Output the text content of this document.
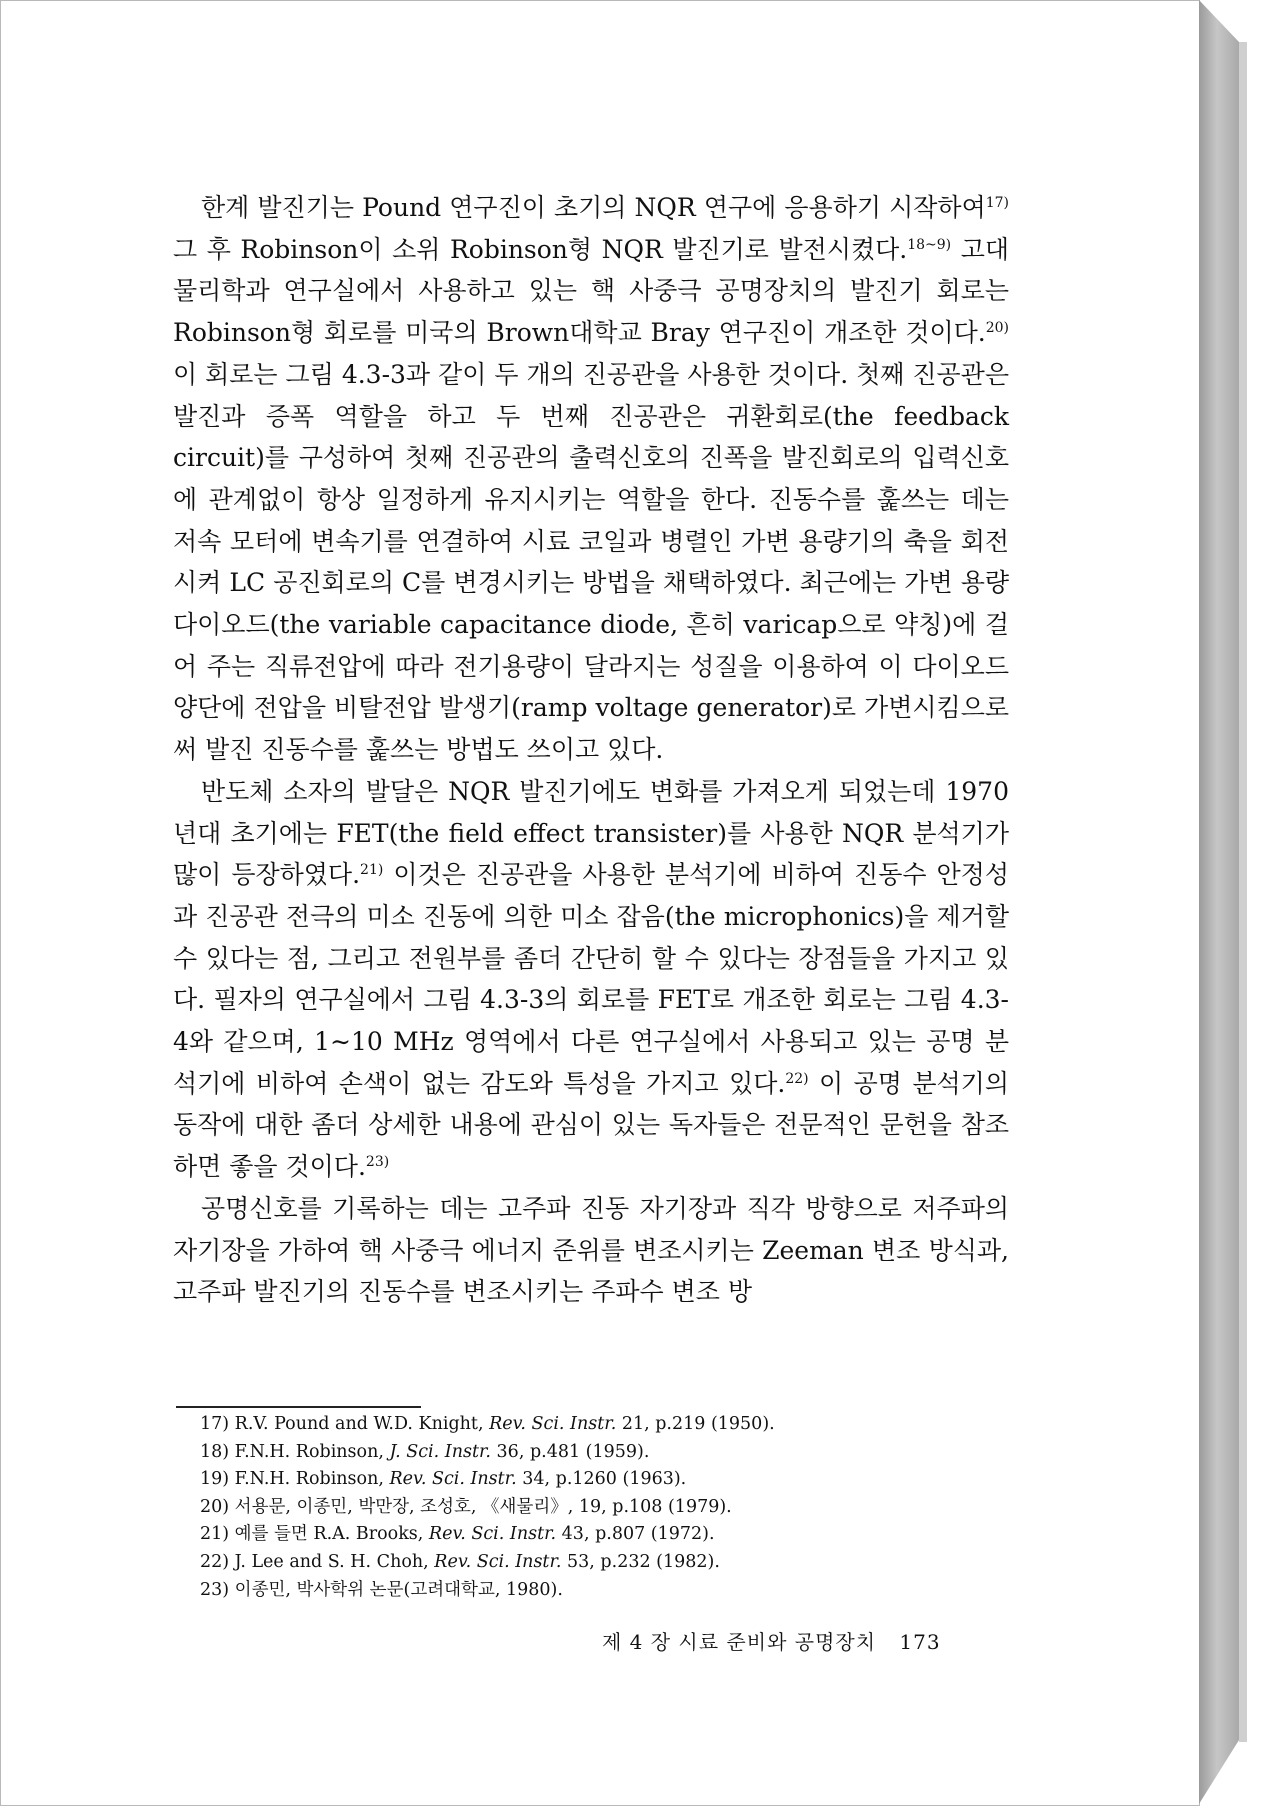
한계 발진기는 Pound 연구진이 초기의 NQR 연구에 응용하기 시작하여$^{17)}$ 그 후 Robinson이 소위 Robinson형 NQR 발진기로 발전시켰다.$^{18\sim 9)}$ 고대 물리학과 연구실에서 사용하고 있는 핵 사중극 공명장치의 발진기 회로는 Robinson형 회로를 미국의 Brown대학교 Bray 연구진이 개조한 것이다.$^{20)}$ 이 회로는 그림 4.3-3과 같이 두 개의 진공관을 사용한 것이다. 첫째 진공관은 발진과 증폭 역할을 하고 두 번째 진공관은 귀환회로(the feedback circuit)를 구성하여 첫째 진공관의 출력신호의 진폭을 발진회로의 입력신호에 관계없이 항상 일정하게 유지시키는 역할을 한다. 진동수를 훑쓰는 데는 저속 모터에 변속기를 연결하여 시료 코일과 병렬인 가변 용량기의 축을 회전시켜 LC 공진회로의 C를 변경시키는 방법을 채택하였다. 최근에는 가변 용량 다이오드(the variable capacitance diode, 흔히 varicap으로 약칭)에 걸어 주는 직류전압에 따라 전기용량이 달라지는 성질을 이용하여 이 다이오드 양단에 전압을 비탈전압 발생기(ramp voltage generator)로 가변시킴으로써 발진 진동수를 훑쓰는 방법도 쓰이고 있다.

반도체 소자의 발달은 NQR 발진기에도 변화를 가져오게 되었는데 1970년대 초기에는 FET(the field effect transister)를 사용한 NQR 분석기가 많이 등장하였다.$^{21)}$ 이것은 진공관을 사용한 분석기에 비하여 진동수 안정성과 진공관 전극의 미소 진동에 의한 미소 잡음(the microphonics)을 제거할 수 있다는 점, 그리고 전원부를 좀더 간단히 할 수 있다는 장점들을 가지고 있다. 필자의 연구실에서 그림 4.3-3의 회로를 FET로 개조한 회로는 그림 4.3-4와 같으며, 1∼10 MHz 영역에서 다른 연구실에서 사용되고 있는 공명 분석기에 비하여 손색이 없는 감도와 특성을 가지고 있다.$^{22)}$ 이 공명 분석기의 동작에 대한 좀더 상세한 내용에 관심이 있는 독자들은 전문적인 문헌을 참조하면 좋을 것이다.$^{23)}$

공명신호를 기록하는 데는 고주파 진동 자기장과 직각 방향으로 저주파의 자기장을 가하여 핵 사중극 에너지 준위를 변조시키는 Zeeman 변조 방식과, 고주파 발진기의 진동수를 변조시키는 주파수 변조 방

17) R.V. Pound and W.D. Knight, Rev. Sci. Instr. 21, p.219 (1950).
18) F.N.H. Robinson, J. Sci. Instr. 36, p.481 (1959).
19) F.N.H. Robinson, Rev. Sci. Instr. 34, p.1260 (1963).
20) 서용문, 이종민, 박만장, 조성호, 《새물리》, 19, p.108 (1979).
21) 예를 들면 R.A. Brooks, Rev. Sci. Instr. 43, p.807 (1972).
22) J. Lee and S. H. Choh, Rev. Sci. Instr. 53, p.232 (1982).
23) 이종민, 박사학위 논문(고려대학교, 1980).
제 4 장 시료 준비와 공명장치 173
